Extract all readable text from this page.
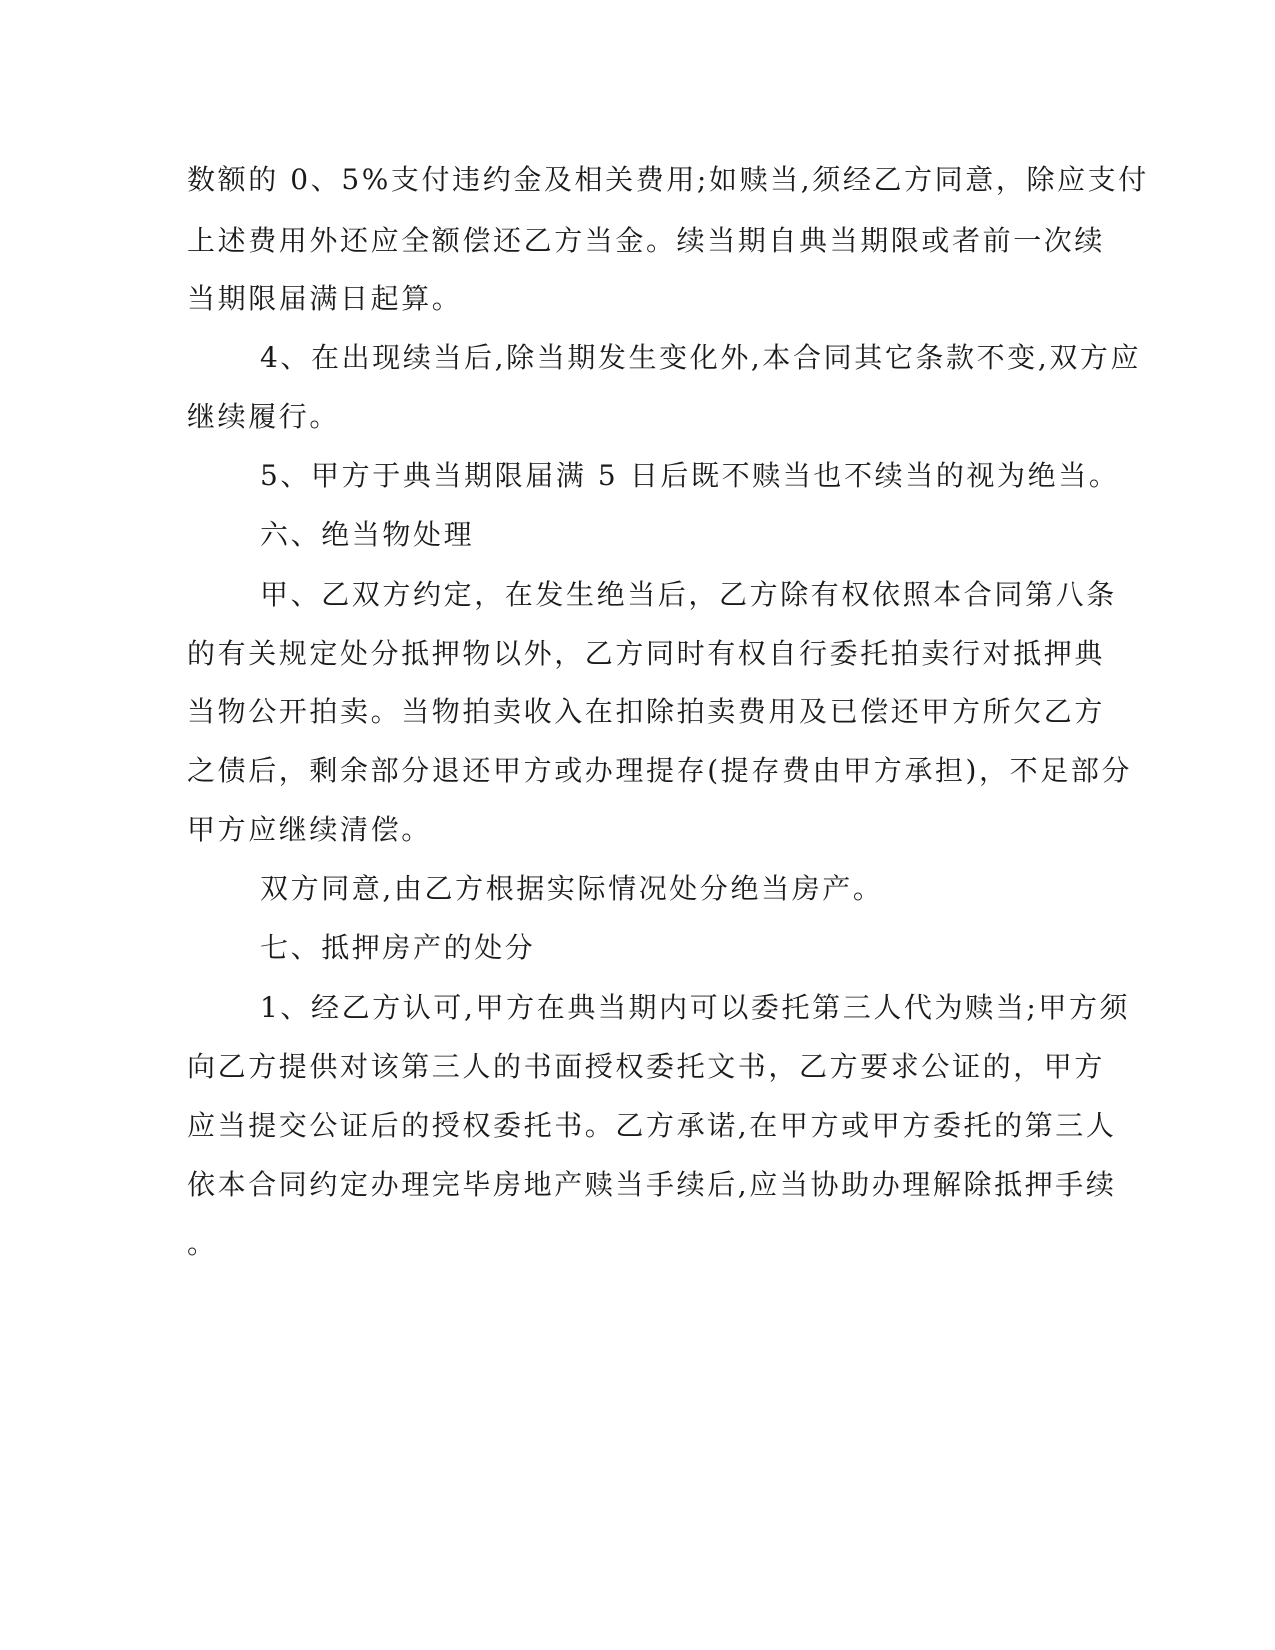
数额的 0、5%支付违约金及相关费用;如赎当,须经乙方同意，除应支付
上述费用外还应全额偿还乙方当金。续当期自典当期限或者前一次续
当期限届满日起算。
4、在出现续当后,除当期发生变化外,本合同其它条款不变,双方应
继续履行。
5、甲方于典当期限届满 5 日后既不赎当也不续当的视为绝当。
六、绝当物处理
甲、乙双方约定，在发生绝当后，乙方除有权依照本合同第八条
的有关规定处分抵押物以外，乙方同时有权自行委托拍卖行对抵押典
当物公开拍卖。当物拍卖收入在扣除拍卖费用及已偿还甲方所欠乙方
之债后，剩余部分退还甲方或办理提存(提存费由甲方承担)，不足部分
甲方应继续清偿。
双方同意,由乙方根据实际情况处分绝当房产。
七、抵押房产的处分
1、经乙方认可,甲方在典当期内可以委托第三人代为赎当;甲方须
向乙方提供对该第三人的书面授权委托文书，乙方要求公证的，甲方
应当提交公证后的授权委托书。乙方承诺,在甲方或甲方委托的第三人
依本合同约定办理完毕房地产赎当手续后,应当协助办理解除抵押手续
。
